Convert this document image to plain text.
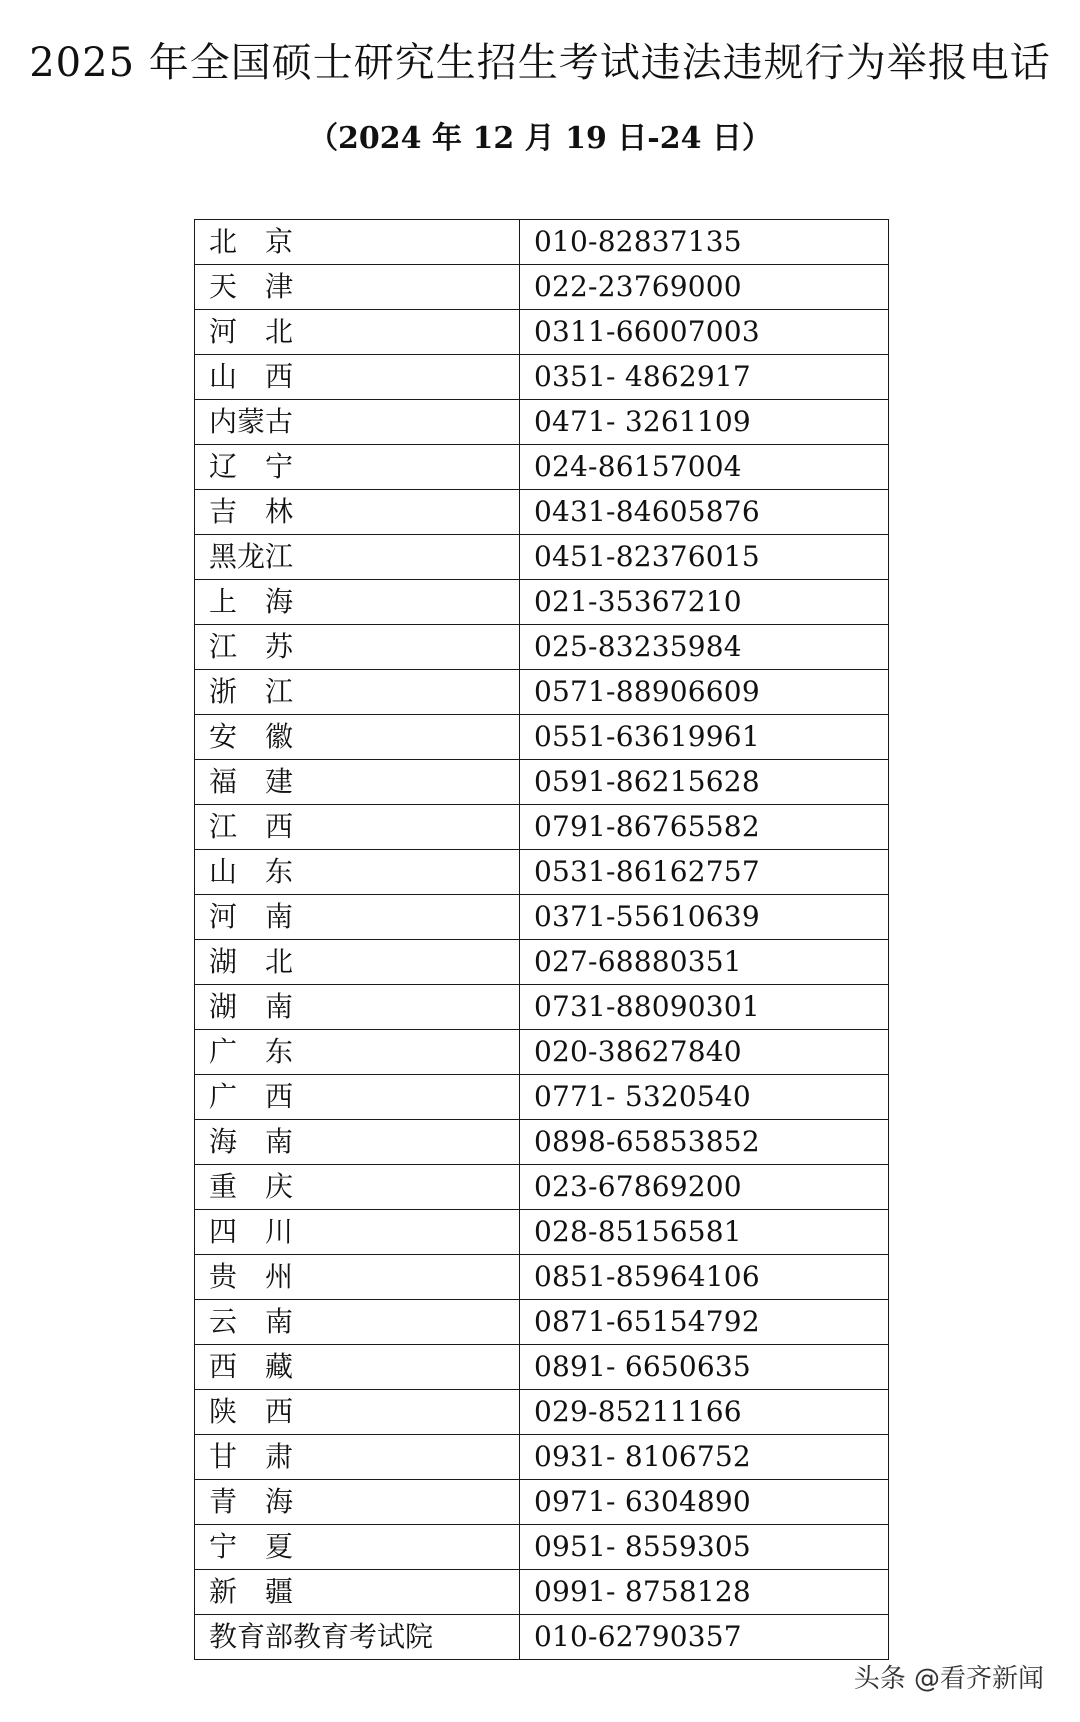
2025 年全国硕士研究生招生考试违法违规行为举报电话
（2024 年 12 月 19 日-24 日）
北　京	010-82837135
天　津	022-23769000
河　北	0311-66007003
山　西	0351- 4862917
内蒙古	0471- 3261109
辽　宁	024-86157004
吉　林	0431-84605876
黑龙江	0451-82376015
上　海	021-35367210
江　苏	025-83235984
浙　江	0571-88906609
安　徽	0551-63619961
福　建	0591-86215628
江　西	0791-86765582
山　东	0531-86162757
河　南	0371-55610639
湖　北	027-68880351
湖　南	0731-88090301
广　东	020-38627840
广　西	0771- 5320540
海　南	0898-65853852
重　庆	023-67869200
四　川	028-85156581
贵　州	0851-85964106
云　南	0871-65154792
西　藏	0891- 6650635
陕　西	029-85211166
甘　肃	0931- 8106752
青　海	0971- 6304890
宁　夏	0951- 8559305
新　疆	0991- 8758128
教育部教育考试院	010-62790357
头条 @看齐新闻
